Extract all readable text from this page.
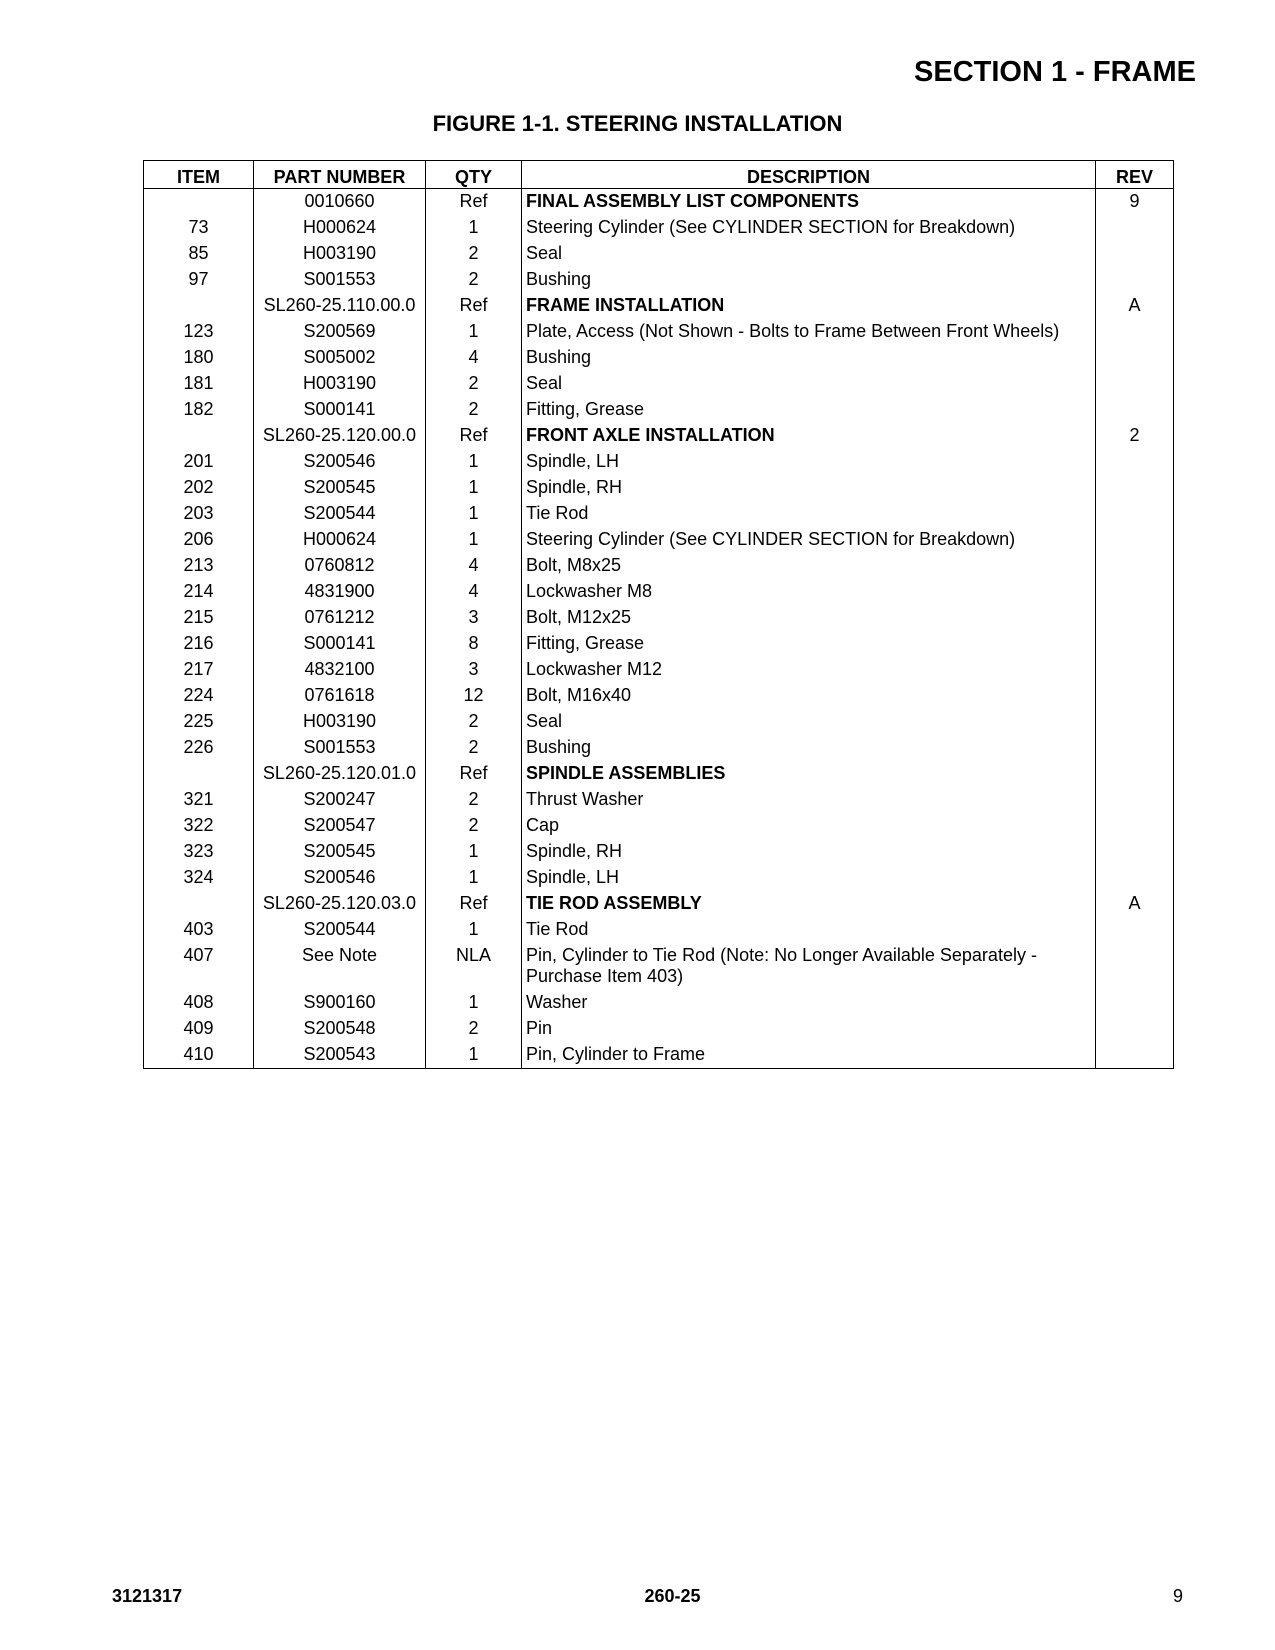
SECTION 1 - FRAME
FIGURE 1-1. STEERING INSTALLATION
ITEM	PART NUMBER	QTY	DESCRIPTION	REV
	0010660	Ref	FINAL ASSEMBLY LIST COMPONENTS	9
73	H000624	1	Steering Cylinder (See CYLINDER SECTION for Breakdown)	
85	H003190	2	Seal	
97	S001553	2	Bushing	
	SL260-25.110.00.0	Ref	FRAME INSTALLATION	A
123	S200569	1	Plate, Access (Not Shown - Bolts to Frame Between Front Wheels)	
180	S005002	4	Bushing	
181	H003190	2	Seal	
182	S000141	2	Fitting, Grease	
	SL260-25.120.00.0	Ref	FRONT AXLE INSTALLATION	2
201	S200546	1	Spindle, LH	
202	S200545	1	Spindle, RH	
203	S200544	1	Tie Rod	
206	H000624	1	Steering Cylinder (See CYLINDER SECTION for Breakdown)	
213	0760812	4	Bolt, M8x25	
214	4831900	4	Lockwasher M8	
215	0761212	3	Bolt, M12x25	
216	S000141	8	Fitting, Grease	
217	4832100	3	Lockwasher M12	
224	0761618	12	Bolt, M16x40	
225	H003190	2	Seal	
226	S001553	2	Bushing	
	SL260-25.120.01.0	Ref	SPINDLE ASSEMBLIES	
321	S200247	2	Thrust Washer	
322	S200547	2	Cap	
323	S200545	1	Spindle, RH	
324	S200546	1	Spindle, LH	
	SL260-25.120.03.0	Ref	TIE ROD ASSEMBLY	A
403	S200544	1	Tie Rod	
407	See Note	NLA	Pin, Cylinder to Tie Rod (Note: No Longer Available Separately - Purchase Item 403)	
408	S900160	1	Washer	
409	S200548	2	Pin	
410	S200543	1	Pin, Cylinder to Frame	
3121317	260-25	9
